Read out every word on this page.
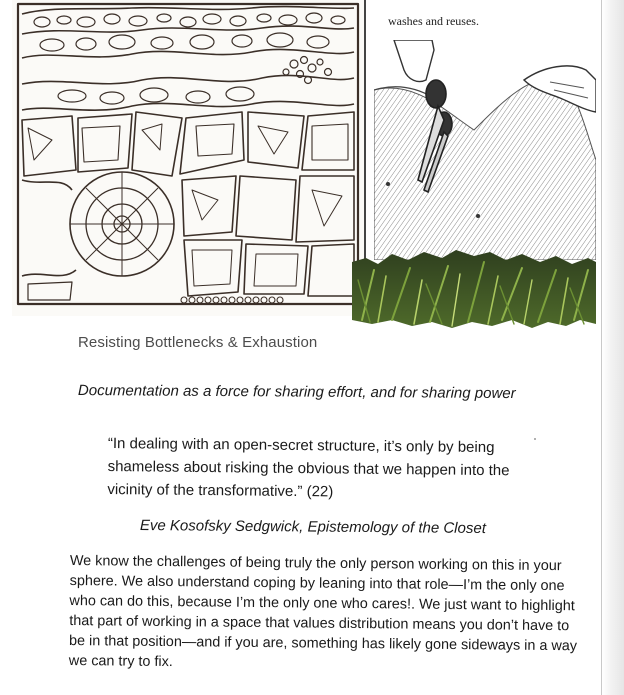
washes and reuses.
Resisting Bottlenecks & Exhaustion
Documentation as a force for sharing effort, and for sharing power
“In dealing with an open-secret structure, it’s only by being
shameless about risking the obvious that we happen into the
vicinity of the transformative.” (22)
Eve Kosofsky Sedgwick, Epistemology of the Closet
We know the challenges of being truly the only person working on this in your
sphere. We also understand coping by leaning into that role—I’m the only one
who can do this, because I’m the only one who cares!. We just want to highlight
that part of working in a space that values distribution means you don’t have to
be in that position—and if you are, something has likely gone sideways in a way
we can try to fix.
